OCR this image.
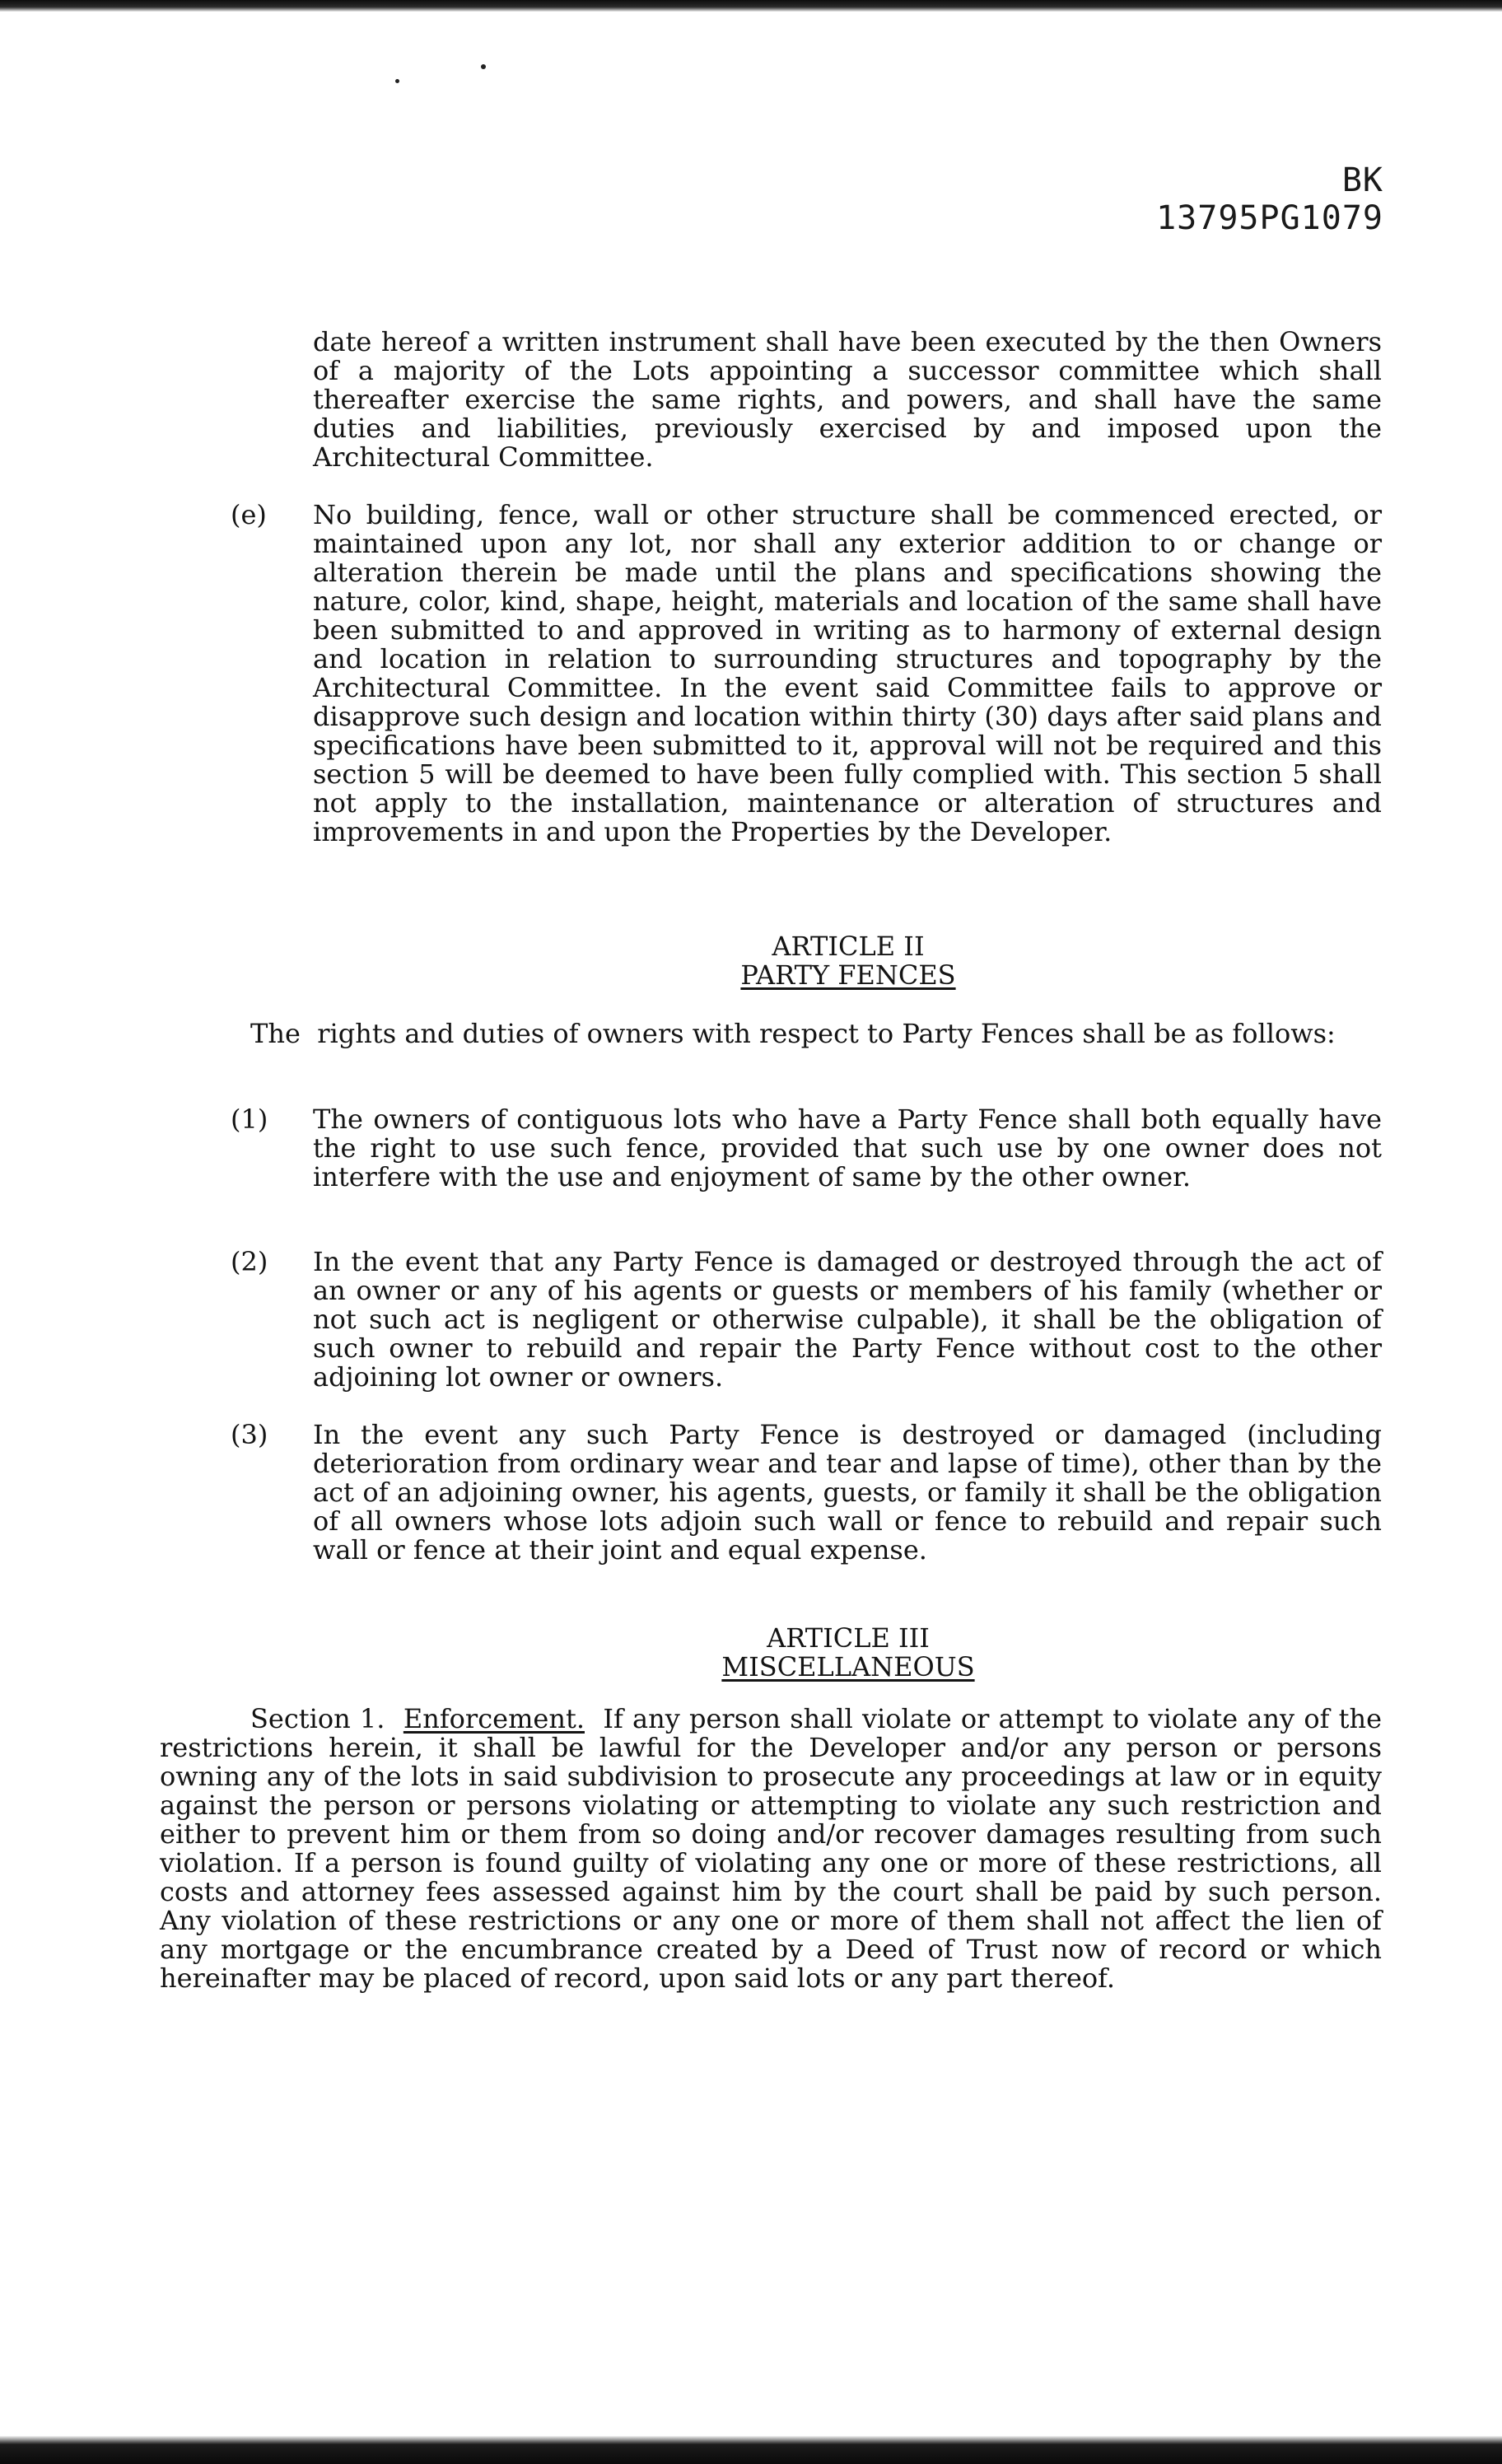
BK 13795PG1079

date hereof a written instrument shall have been executed by the then Owners of a majority of the Lots appointing a successor committee which shall thereafter exercise the same rights, and powers, and shall have the same duties and liabilities, previously exercised by and imposed upon the Architectural Committee.

(e) No building, fence, wall or other structure shall be commenced erected, or maintained upon any lot, nor shall any exterior addition to or change or alteration therein be made until the plans and specifications showing the nature, color, kind, shape, height, materials and location of the same shall have been submitted to and approved in writing as to harmony of external design and location in relation to surrounding structures and topography by the Architectural Committee. In the event said Committee fails to approve or disapprove such design and location within thirty (30) days after said plans and specifications have been submitted to it, approval will not be required and this section 5 will be deemed to have been fully complied with. This section 5 shall not apply to the installation, maintenance or alteration of structures and improvements in and upon the Properties by the Developer.

ARTICLE II
PARTY FENCES

The rights and duties of owners with respect to Party Fences shall be as follows:

(1) The owners of contiguous lots who have a Party Fence shall both equally have the right to use such fence, provided that such use by one owner does not interfere with the use and enjoyment of same by the other owner.

(2) In the event that any Party Fence is damaged or destroyed through the act of an owner or any of his agents or guests or members of his family (whether or not such act is negligent or otherwise culpable), it shall be the obligation of such owner to rebuild and repair the Party Fence without cost to the other adjoining lot owner or owners.

(3) In the event any such Party Fence is destroyed or damaged (including deterioration from ordinary wear and tear and lapse of time), other than by the act of an adjoining owner, his agents, guests, or family it shall be the obligation of all owners whose lots adjoin such wall or fence to rebuild and repair such wall or fence at their joint and equal expense.

ARTICLE III
MISCELLANEOUS

Section 1. Enforcement. If any person shall violate or attempt to violate any of the restrictions herein, it shall be lawful for the Developer and/or any person or persons owning any of the lots in said subdivision to prosecute any proceedings at law or in equity against the person or persons violating or attempting to violate any such restriction and either to prevent him or them from so doing and/or recover damages resulting from such violation. If a person is found guilty of violating any one or more of these restrictions, all costs and attorney fees assessed against him by the court shall be paid by such person. Any violation of these restrictions or any one or more of them shall not affect the lien of any mortgage or the encumbrance created by a Deed of Trust now of record or which hereinafter may be placed of record, upon said lots or any part thereof.
